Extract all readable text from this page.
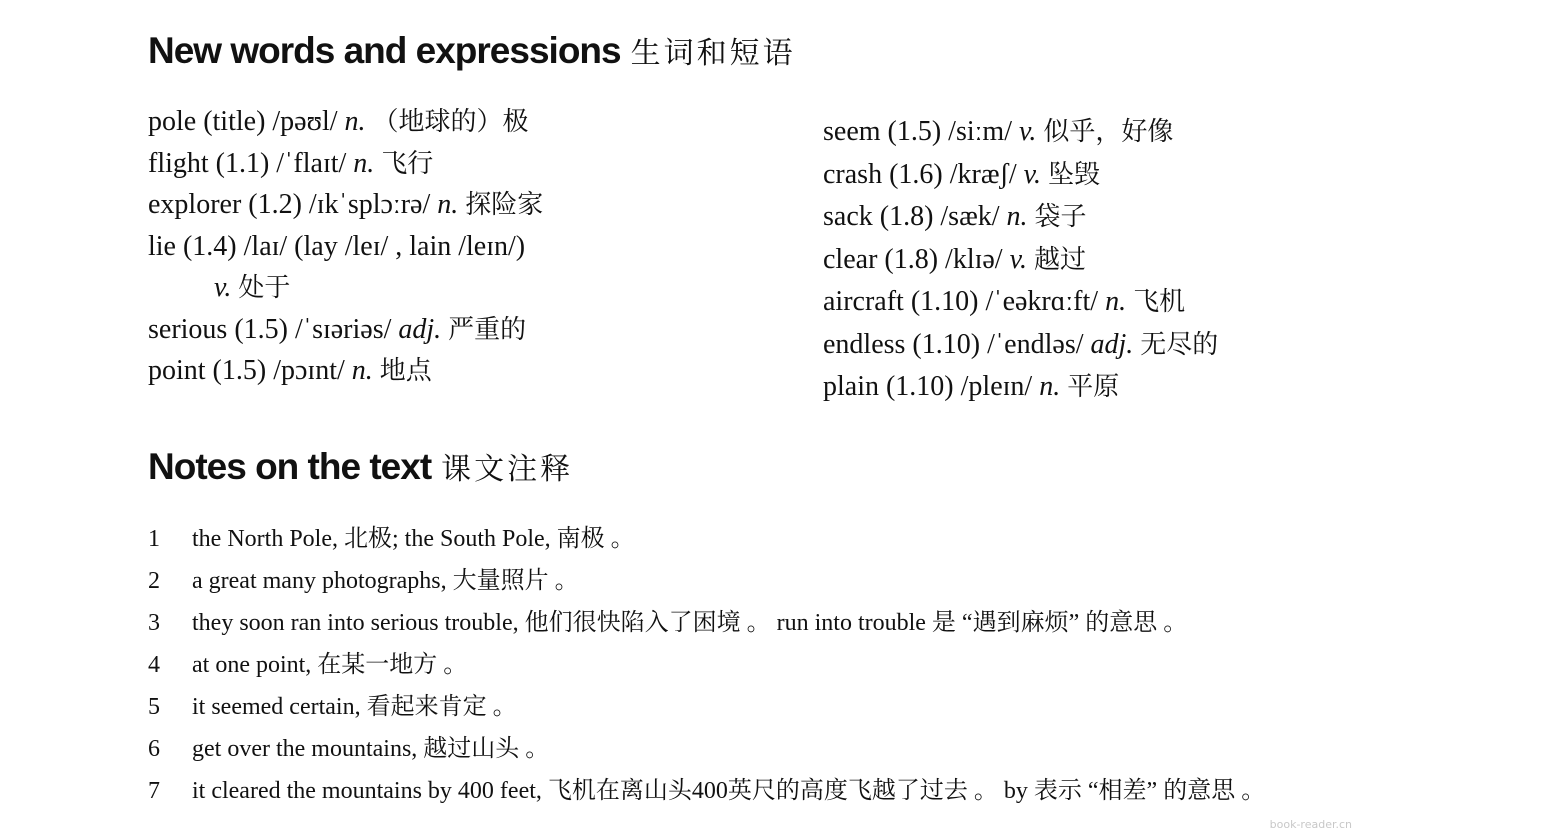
New words and expressions 生词和短语
pole (title) /pəʊl/ n. （地球的）极
flight (1.1) /ˈflaɪt/ n. 飞行
explorer (1.2) /ɪkˈsplɔːrə/ n. 探险家
lie (1.4) /laɪ/ (lay /leɪ/ , lain /leɪn/)
v. 处于
serious (1.5) /ˈsɪəriəs/ adj. 严重的
point (1.5) /pɔɪnt/ n. 地点
seem (1.5) /siːm/ v. 似乎，好像
crash (1.6) /kræʃ/ v. 坠毁
sack (1.8) /sæk/ n. 袋子
clear (1.8) /klɪə/ v. 越过
aircraft (1.10) /ˈeəkrɑːft/ n. 飞机
endless (1.10) /ˈendləs/ adj. 无尽的
plain (1.10) /pleɪn/ n. 平原
Notes on the text 课文注释
1	the North Pole, 北极; the South Pole, 南极 。
2	a great many photographs, 大量照片 。
3	they soon ran into serious trouble, 他们很快陷入了困境 。 run into trouble 是 “遇到麻烦” 的意思 。
4	at one point, 在某一地方 。
5	it seemed certain, 看起来肯定 。
6	get over the mountains, 越过山头 。
7	it cleared the mountains by 400 feet, 飞机在离山头400英尺的高度飞越了过去 。 by 表示 “相差” 的意思 。
book-reader.cn
